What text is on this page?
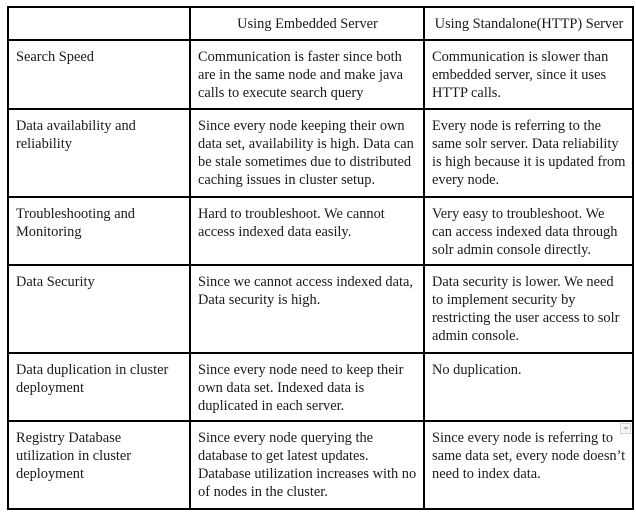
	Using Embedded Server	Using Standalone(HTTP) Server
Search Speed	Communication is faster since both are in the same node and make java calls to execute search query	Communication is slower than embedded server, since it uses HTTP calls.
Data availability and reliability	Since every node keeping their own data set, availability is high. Data can be stale sometimes due to distributed caching issues in cluster setup.	Every node is referring to the same solr server. Data reliability is high because it is updated from every node.
Troubleshooting and Monitoring	Hard to troubleshoot. We cannot access indexed data easily.	Very easy to troubleshoot. We can access indexed data through solr admin console directly.
Data Security	Since we cannot access indexed data, Data security is high.	Data security is lower. We need to implement security by restricting the user access to solr admin console.
Data duplication in cluster deployment	Since every node need to keep their own data set. Indexed data is duplicated in each server.	No duplication.
Registry Database utilization in cluster deployment	Since every node querying the database to get latest updates. Database utilization increases with no of nodes in the cluster.	Since every node is referring to same data set, every node doesn’t need to index data.
